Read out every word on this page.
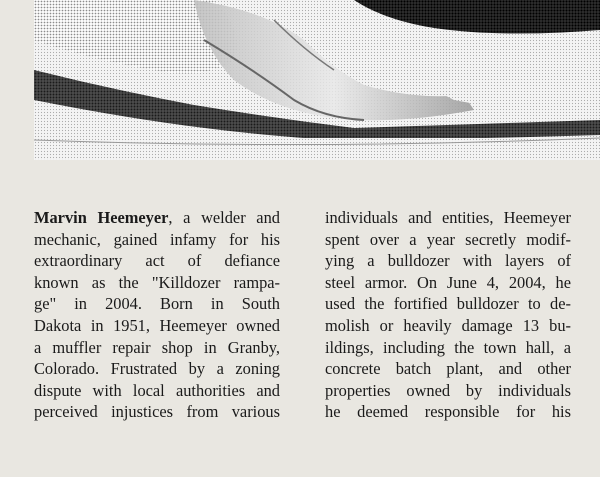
Marvin Heemeyer, a welder and
mechanic, gained infamy for his
extraordinary act of defiance
known as the "Killdozer rampa-
ge" in 2004. Born in South
Dakota in 1951, Heemeyer owned
a muffler repair shop in Granby,
Colorado. Frustrated by a zoning
dispute with local authorities and
perceived injustices from various
individuals and entities, Heemeyer
spent over a year secretly modif-
ying a bulldozer with layers of
steel armor. On June 4, 2004, he
used the fortified bulldozer to de-
molish or heavily damage 13 bu-
ildings, including the town hall, a
concrete batch plant, and other
properties owned by individuals
he deemed responsible for his
